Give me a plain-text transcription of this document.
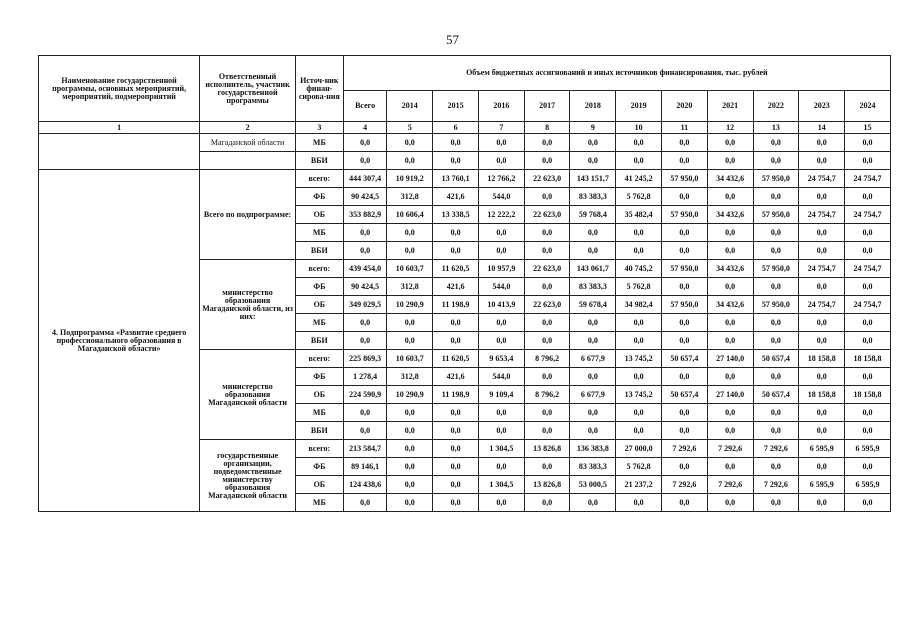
57
Наименование государственной программы, основных мероприятий, мероприятий, подмероприятий	Ответственный исполнитель, участник государственной программы	Источ-ник финан-сирова-ния	Объем бюджетных ассигнований и иных источников финансирования, тыс. рублей											
			Всего	2014	2015	2016	2017	2018	2019	2020	2021	2022	2023	2024
1	2	3	4	5	6	7	8	9	10	11	12	13	14	15
	Магаданской области	МБ	0,0	0,0	0,0	0,0	0,0	0,0	0,0	0,0	0,0	0,0	0,0	0,0
		ВБИ	0,0	0,0	0,0	0,0	0,0	0,0	0,0	0,0	0,0	0,0	0,0	0,0
4. Подпрограмма «Развитие среднего профессионального образования в Магаданской области»	Всего по подпрограмме:	всего:	444 307,4	10 919,2	13 760,1	12 766,2	22 623,0	143 151,7	41 245,2	57 950,0	34 432,6	57 950,0	24 754,7	24 754,7
		ФБ	90 424,5	312,8	421,6	544,0	0,0	83 383,3	5 762,8	0,0	0,0	0,0	0,0	0,0
		ОБ	353 882,9	10 606,4	13 338,5	12 222,2	22 623,0	59 768,4	35 482,4	57 950,0	34 432,6	57 950,0	24 754,7	24 754,7
		МБ	0,0	0,0	0,0	0,0	0,0	0,0	0,0	0,0	0,0	0,0	0,0	0,0
		ВБИ	0,0	0,0	0,0	0,0	0,0	0,0	0,0	0,0	0,0	0,0	0,0	0,0
	министерство образования Магаданской области, из них:	всего:	439 454,0	10 603,7	11 620,5	10 957,9	22 623,0	143 061,7	40 745,2	57 950,0	34 432,6	57 950,0	24 754,7	24 754,7
		ФБ	90 424,5	312,8	421,6	544,0	0,0	83 383,3	5 762,8	0,0	0,0	0,0	0,0	0,0
		ОБ	349 029,5	10 290,9	11 198,9	10 413,9	22 623,0	59 678,4	34 982,4	57 950,0	34 432,6	57 950,0	24 754,7	24 754,7
		МБ	0,0	0,0	0,0	0,0	0,0	0,0	0,0	0,0	0,0	0,0	0,0	0,0
		ВБИ	0,0	0,0	0,0	0,0	0,0	0,0	0,0	0,0	0,0	0,0	0,0	0,0
	министерство образования Магаданской области	всего:	225 869,3	10 603,7	11 620,5	9 653,4	8 796,2	6 677,9	13 745,2	50 657,4	27 140,0	50 657,4	18 158,8	18 158,8
		ФБ	1 278,4	312,8	421,6	544,0	0,0	0,0	0,0	0,0	0,0	0,0	0,0	0,0
		ОБ	224 590,9	10 290,9	11 198,9	9 109,4	8 796,2	6 677,9	13 745,2	50 657,4	27 140,0	50 657,4	18 158,8	18 158,8
		МБ	0,0	0,0	0,0	0,0	0,0	0,0	0,0	0,0	0,0	0,0	0,0	0,0
		ВБИ	0,0	0,0	0,0	0,0	0,0	0,0	0,0	0,0	0,0	0,0	0,0	0,0
	государственные организации, подведомственные министерству образования Магаданской области	всего:	213 584,7	0,0	0,0	1 304,5	13 826,8	136 383,8	27 000,0	7 292,6	7 292,6	7 292,6	6 595,9	6 595,9
		ФБ	89 146,1	0,0	0,0	0,0	0,0	83 383,3	5 762,8	0,0	0,0	0,0	0,0	0,0
		ОБ	124 438,6	0,0	0,0	1 304,5	13 826,8	53 000,5	21 237,2	7 292,6	7 292,6	7 292,6	6 595,9	6 595,9
		МБ	0,0	0,0	0,0	0,0	0,0	0,0	0,0	0,0	0,0	0,0	0,0	0,0
